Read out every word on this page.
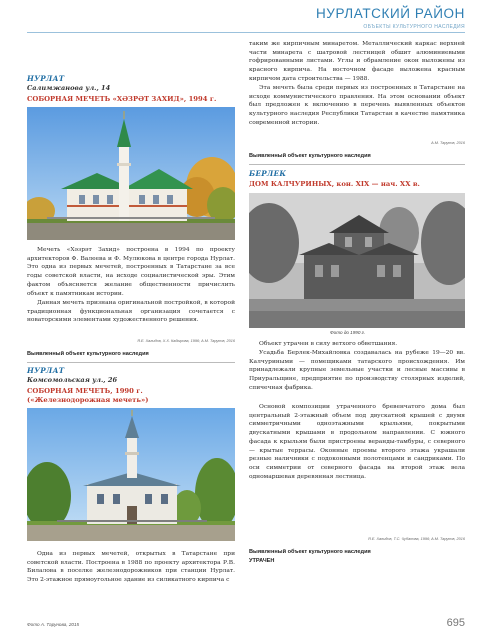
НУРЛАТСКИЙ РАЙОН
ОБЪЕКТЫ КУЛЬТУРНОГО НАСЛЕДИЯ
НУРЛАТ
Салимжанова ул., 14
СОБОРНАЯ МЕЧЕТЬ «ХӘЗРӘТ ЗАХИД», 1994 г.

Мечеть «Хәзрәт Захид» построена в 1994 по проекту архитекторов Ф. Валеева и Ф. Мулюкова в центре города Нурлат. Это одна из первых мечетей, построенных в Татарстане за все годы советской власти, на исходе социалистической эры. Этим фактом объясняется желание общественности причислить объект к памятникам истории.

Данная мечеть признана оригинальной постройкой, в которой традиционная функциональная организация сочетается с новаторскими элементами художественного решения.

Я.Е. Халидов, Х.Х. Кадырова, 1996; А.М. Тарунов, 2016
Выявленный объект культурного наследия
НУРЛАТ
Комсомольская ул., 26
СОБОРНАЯ МЕЧЕТЬ, 1990 г.
(«Железнодорожная мечеть»)

Одна из первых мечетей, открытых в Татарстане при советской власти. Построена в 1988 по проекту архитектора Р.В. Билалова в поселке железнодорожников при станции Нурлат. Это 2-этажное прямоугольное здание из силикатного кирпича с

таким же кирпичным минаретом. Металлический каркас верхней части минарета с шатровой лестницей обшит алюминиевыми гофрированными листами. Углы и обрамление окон выложены из красного кирпича. На восточном фасаде выложена красным кирпичом дата строительства — 1988.

Эта мечеть была среди первых из построенных в Татарстане на исходе коммунистического правления. На этом основании объект был предложен к включению в перечень выявленных объектов культурного наследия Республики Татарстан в качестве памятника современной истории.

А.М. Тарунов, 2016
Выявленный объект культурного наследия
БЕРЛЕК
ДОМ КАЛЧУРИНЫХ, кон. XIX — нач. XX в.
Фото до 1990 г.

Объект утрачен в силу ветхого обветшания.

Усадьба Берлек-Михайловка создавалась на рубеже 19—20 вв. Калчуриными — помещиками татарского происхождения. Им принадлежали крупные земельные участки и лесные массивы в Приуральщине, предприятие по производству столярных изделий, спичечная фабрика.

Основой композиции утраченного бревенчатого дома был центральный 2-этажный объем под двускатной крышей с двумя симметричными одноэтажными крыльями, покрытыми двускатными крышами в продольном направлении. С южного фасада к крыльям были пристроены веранды-тамбуры, с северного — крытые террасы. Оконные проемы второго этажа украшали резные наличники с подоконными полотенцами и сандриками. По оси симметрии от северного фасада на второй этаж вела одномаршевая деревянная лестница.

Я.Е. Халидов, Т.С. Чубанова, 1996; А.М. Тарунов, 2016
Выявленный объект культурного наследия
УТРАЧЕН
Фото А. Тарунова, 2015	695
